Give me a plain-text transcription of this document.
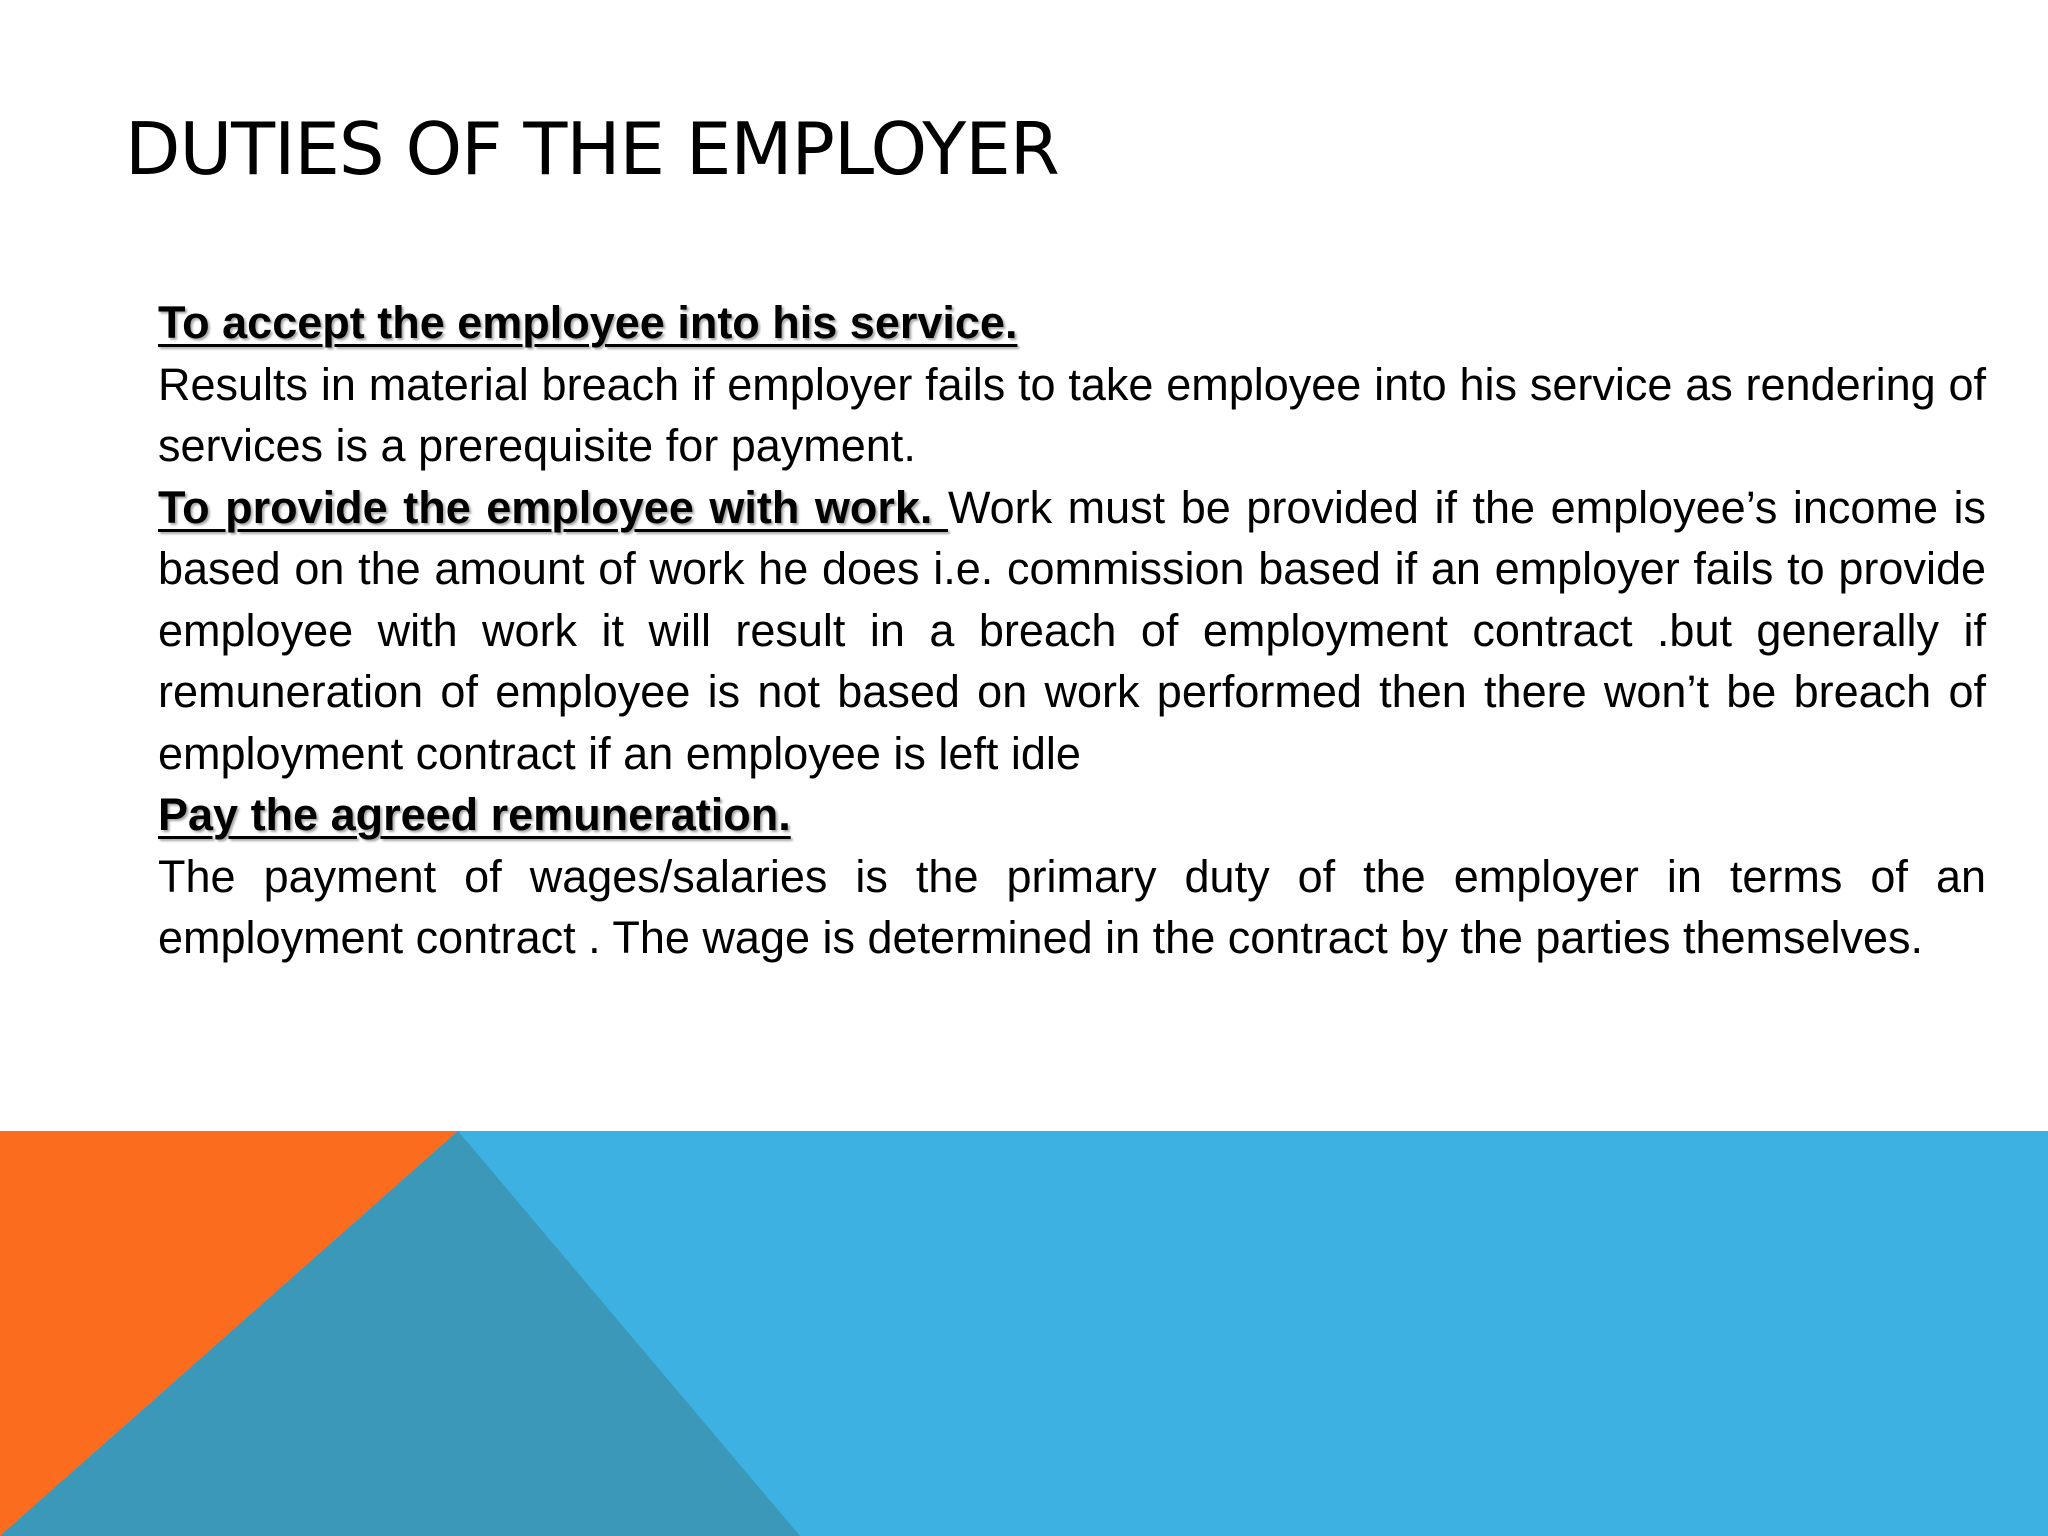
DUTIES OF THE EMPLOYER

To accept the employee into his service.

Results in material breach if employer fails to take employee into his service as rendering of services is a prerequisite for payment.

To provide the employee with work. Work must be provided if the employee’s income is based on the amount of work he does i.e. commission based if an employer fails to provide employee with work it will result in a breach of employment contract .but generally if remuneration of employee is not based on work performed then there won’t be breach of employment contract if an employee is left idle

Pay the agreed remuneration.

The payment of wages/salaries is the primary duty of the employer in terms of an employment contract . The wage is determined in the contract by the parties themselves.
